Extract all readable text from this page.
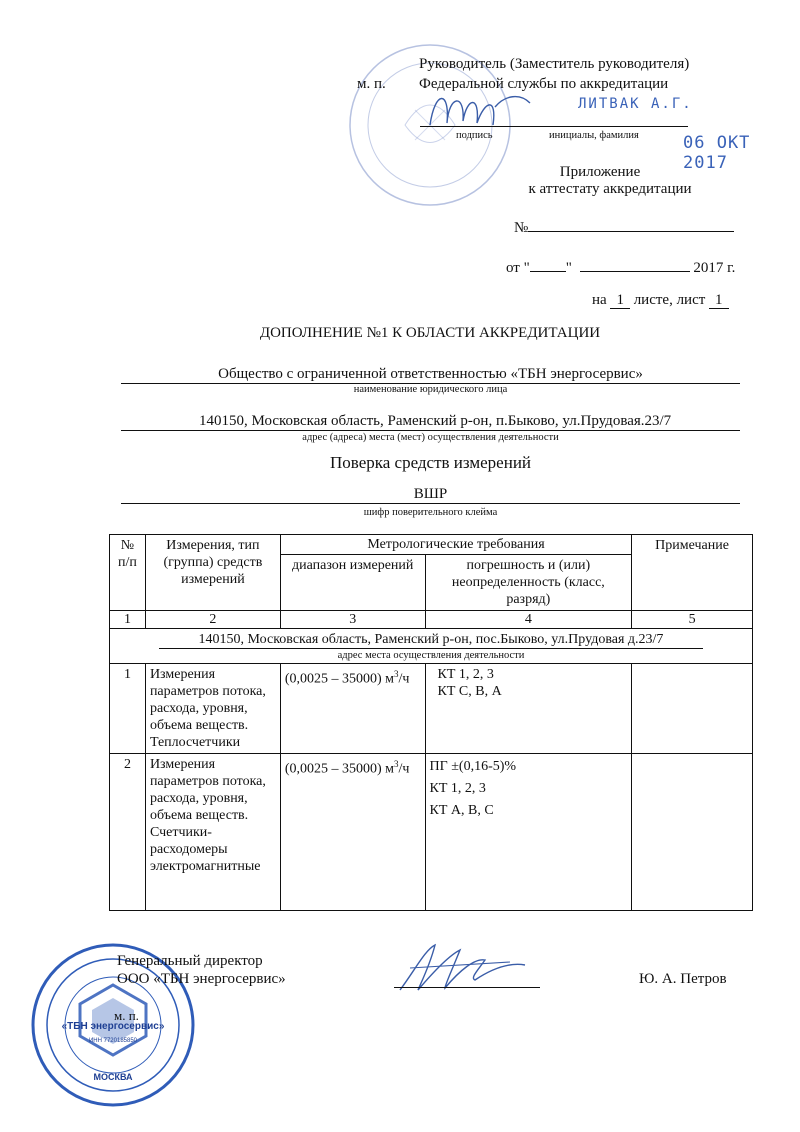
Руководитель (Заместитель руководителя)
м. п. Федеральной службы по аккредитации
ЛИТВАК А.Г.
подпись	инициалы, фамилия	06 ОКТ 2017
Приложение
к аттестату аккредитации
№
от " "	2017 г.
на 1 листе, лист 1
ДОПОЛНЕНИЕ №1 К ОБЛАСТИ АККРЕДИТАЦИИ
Общество с ограниченной ответственностью «ТБН энергосервис»
наименование юридического лица
140150, Московская область, Раменский р-он, п.Быково, ул.Прудовая.23/7
адрес (адреса) места (мест) осуществления деятельности
Поверка средств измерений
ВШР
шифр поверительного клейма
№ п/п	Измерения, тип (группа) средств измерений	Метрологические требования		Примечание
		диапазон измерений	погрешность и (или) неопределенность (класс, разряд)	
1	2	3	4	5
140150, Московская область, Раменский р-он, пос.Быково, ул.Прудовая д.23/7
адрес места осуществления деятельности				

1	Измерения параметров потока, расхода, уровня, объема веществ. Теплосчетчики	(0,0025 – 35000) $м^3/ч$	КТ 1, 2, 3
КТ С, В, А	

2	Измерения параметров потока, расхода, уровня, объема веществ. Счетчики-расходомеры электромагнитные	(0,0025 – 35000) $м^3/ч$	ПГ ±(0,16-5)%
КТ 1, 2, 3
КТ А, В, С	

«ТБН энергосервис»
ИНН 7720185850
МОСКВА
Генеральный директор
ООО «ТБН энергосервис»
м. п.
Ю. А. Петров
